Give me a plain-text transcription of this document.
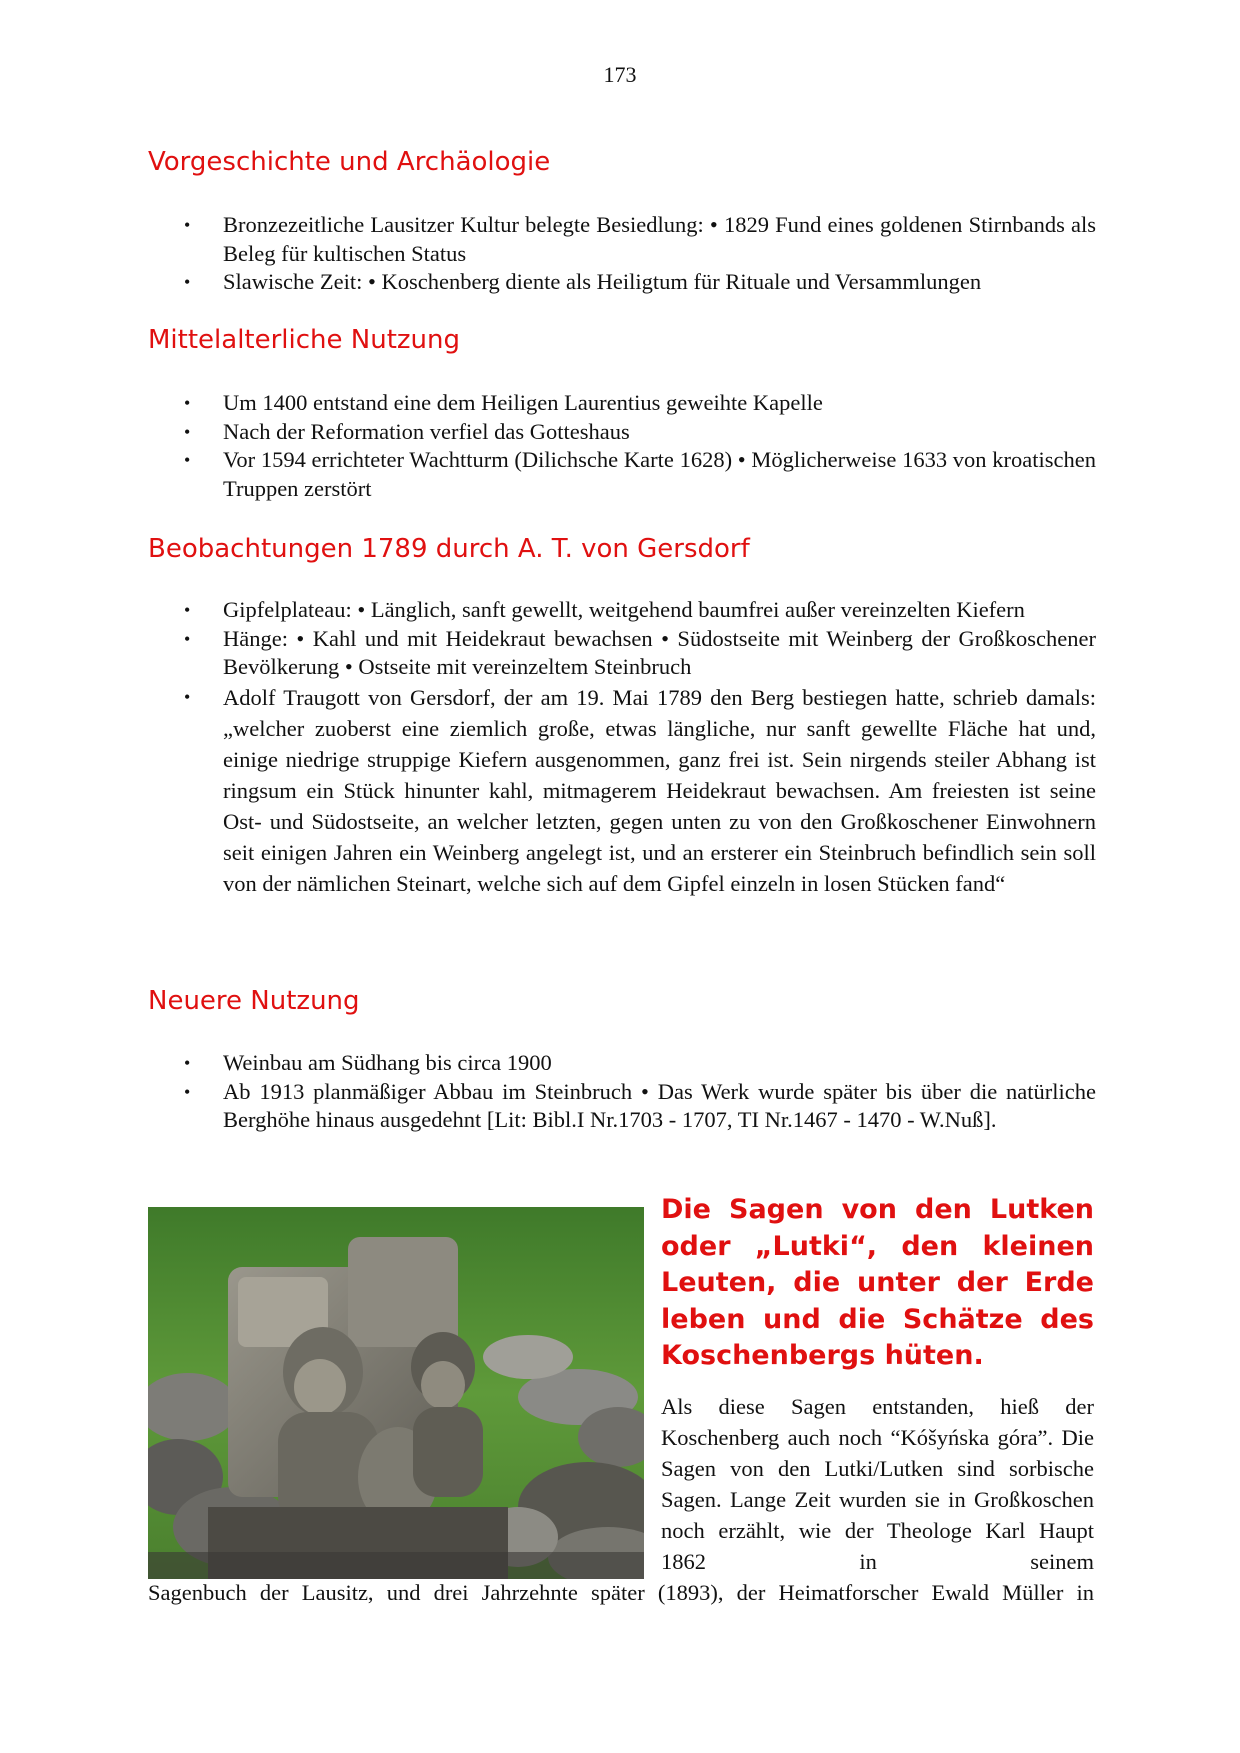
173
Vorgeschichte und Archäologie
• Bronzezeitliche Lausitzer Kultur belegte Besiedlung: • 1829 Fund eines goldenen Stirnbands als Beleg für kultischen Status
• Slawische Zeit: • Koschenberg diente als Heiligtum für Rituale und Versammlungen
Mittelalterliche Nutzung
• Um 1400 entstand eine dem Heiligen Laurentius geweihte Kapelle
• Nach der Reformation verfiel das Gotteshaus
• Vor 1594 errichteter Wachtturm (Dilichsche Karte 1628) • Möglicherweise 1633 von kroatischen Truppen zerstört
Beobachtungen 1789 durch A. T. von Gersdorf
• Gipfelplateau: • Länglich, sanft gewellt, weitgehend baumfrei außer vereinzelten Kiefern
• Hänge: • Kahl und mit Heidekraut bewachsen • Südostseite mit Weinberg der Großkoschener Bevölkerung • Ostseite mit vereinzeltem Steinbruch
• Adolf Traugott von Gersdorf, der am 19. Mai 1789 den Berg bestiegen hatte, schrieb damals: „welcher zuoberst eine ziemlich große, etwas längliche, nur sanft gewellte Fläche hat und, einige niedrige struppige Kiefern ausgenommen, ganz frei ist. Sein nirgends steiler Abhang ist ringsum ein Stück hinunter kahl, mitmagerem Heidekraut bewachsen. Am freiesten ist seine Ost- und Südostseite, an welcher letzten, gegen unten zu von den Großkoschener Einwohnern seit einigen Jahren ein Weinberg angelegt ist, und an ersterer ein Steinbruch befindlich sein soll von der nämlichen Steinart, welche sich auf dem Gipfel einzeln in losen Stücken fand“
Neuere Nutzung
• Weinbau am Südhang bis circa 1900
• Ab 1913 planmäßiger Abbau im Steinbruch • Das Werk wurde später bis über die natürliche Berghöhe hinaus ausgedehnt [Lit: Bibl.I Nr.1703 - 1707, TI Nr.1467 - 1470 - W.Nuß].
Die Sagen von den Lutken oder „Lutki“, den kleinen Leuten, die unter der Erde leben und die Schätze des Koschenbergs hüten.

Als diese Sagen entstanden, hieß der Koschenberg auch noch “Kóšyńska góra”. Die Sagen von den Lutki/Lutken sind sorbische Sagen. Lange Zeit wurden sie in Großkoschen noch erzählt, wie der Theologe Karl Haupt 1862 in seinem

Sagenbuch der Lausitz, und drei Jahrzehnte später (1893), der Heimatforscher Ewald Müller in
